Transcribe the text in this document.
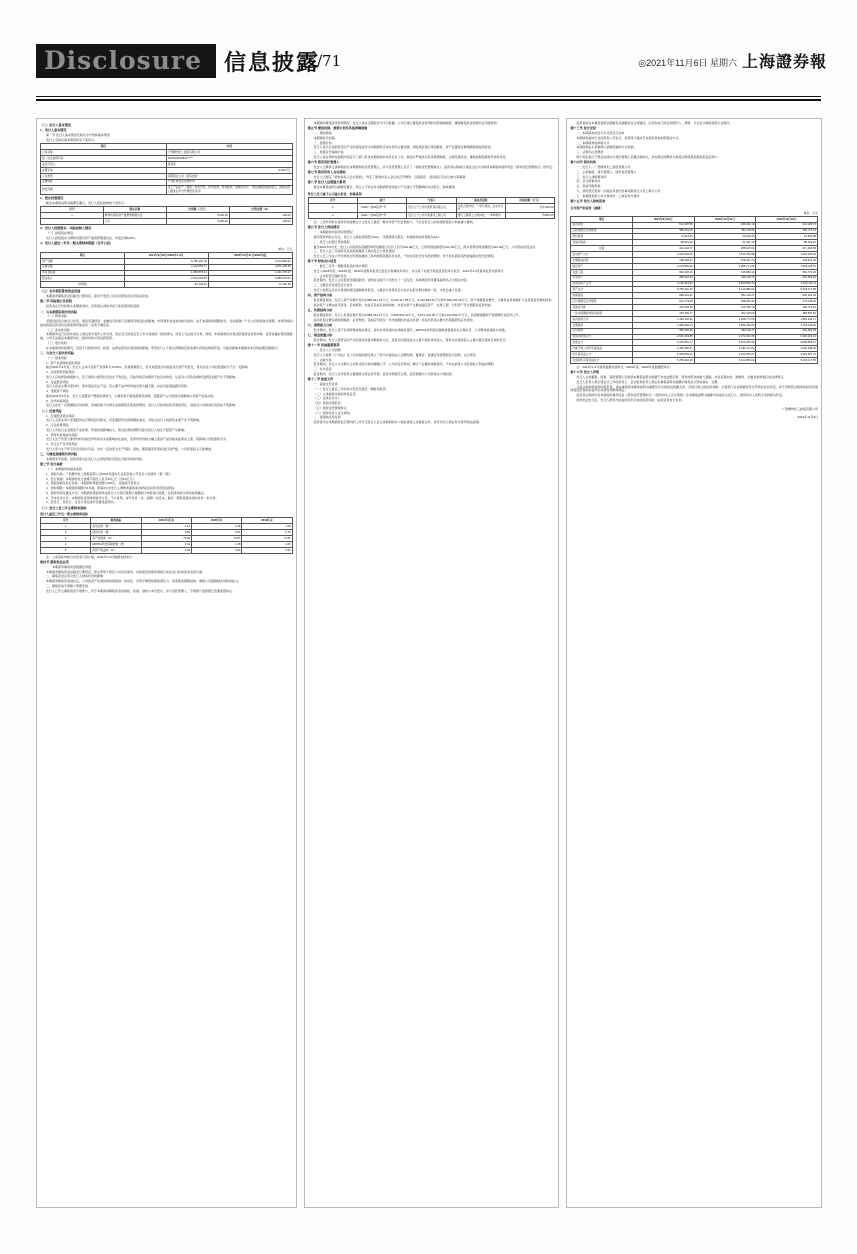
Disclosure 信息披露
/71	◎2021年11月6日 星期六 上海證券報
（二）发行人基本情况
1、发行人基本情况
第一节 发行人基本情况及相关中介机构基本情况
发行人名称及基本情况详见下表所示：
项目	内容
公司名称	广西柳州化工控股有限公司
统一社会信用代码	91450200198477****
法定代表人	张某某
注册资本	5,000万元
公司类型	有限责任公司（国有独资）
注册地址	广西壮族自治区柳州市
经营范围	化工产品生产、销售；技术开发、技术咨询、技术服务；货物进出口；（依法须经批准的项目，经相关部门批准后方可开展经营活动）
2、股东持股情况
截至本募集说明书摘要签署日，发行人股权结构如下表所示：
序号	股东名称	出资额（万元）	出资比例（%）
1	柳州市国有资产监督管理委员会	5,000.00	100.00
	合计	5,000.00	100.00
3、发行人控股股东、实际控制人情况
（一）控股股东情况
发行人控股股东为柳州市国有资产监督管理委员会，持股比例100%。
4、发行人最近一年及一期主要财务数据（合并口径）
单位：万元
项目	2021年9月30日/2021年1-9月	2020年12月31日/2020年度
资产总额	5,786,432.18	5,312,884.62
负债总额	4,102,553.77	3,871,206.35
所有者权益	1,683,878.41	1,441,678.27
营业收入	2,014,332.66	2,286,510.03
净利润	62,148.92	71,206.48
（三）本次债券募集资金用途
本期债券募集资金扣除发行费用后，拟用于偿还公司有息债务及补充流动资金。
第二节 风险提示及说明
投资者在评价和购买本期债券时，应特别认真地考虑下述各项风险因素：
一、与本期债券相关的风险
（一）利率风险
受国民经济总体运行状况、国家宏观经济、金融货币政策以及国际环境变化的影响，市场利率存在波动的可能性。由于本期债券期限较长，可能跨越一个以上的利率波动周期，市场利率的波动将使投资者持有的债券价值具有一定的不确定性。
（二）流动性风险
本期债券发行后将申请在上海证券交易所上市交易，但在发行结束后至上市交易前的一段时间内，持有人无法进行交易；同时，本期债券的交易活跃程度受市场环境、投资者偏好等因素影响，公司无法保证本期债券在二级市场的交易活跃程度。
（三）偿付风险
在本期债券存续期内，若因不可控的市场、政策、法律法规变化等因素的影响，使得发行人不能从预期的还款来源中获得足够的资金，可能会影响本期债券本息的按期足额偿付。
二、与发行人相关的风险
（一）财务风险
1、资产负债率较高的风险
截至2021年9月末，发行人合并口径资产负债率为70.90%，负债规模较大，若未来经营活动现金流出现不利变化，将可能对公司的偿债能力产生一定影响。
2、应收账款回收风险
发行人应收账款规模较大，若下游客户经营状况发生不利变化，可能导致应收账款不能及时收回，从而对公司资金周转及经营业绩产生不利影响。
3、存货跌价风险
发行人存货主要为原材料、库存商品及在产品，若主要产品市场价格出现大幅下跌，存货可能面临跌价风险。
4、受限资产风险
截至2021年9月末，发行人受限资产账面价值较大，主要系用于借款抵押及质押，受限资产占比较高可能影响公司资产的流动性。
5、对外担保风险
发行人存在一定规模的对外担保，若被担保方出现无法按期偿还债务的情况，发行人可能承担连带清偿责任，进而对公司财务状况造成不利影响。
（二）经营风险
1、宏观经济波动风险
发行人主营业务与宏观经济运行情况密切相关，若宏观经济出现周期性波动，可能对发行人的经营业绩产生不利影响。
2、行业政策风险
发行人所处行业受国家产业政策、环保政策影响较大，相关政策的调整可能对发行人的生产经营产生影响。
3、原材料价格波动风险
发行人生产所需主要原材料价格受市场供求关系影响存在波动，若原材料价格大幅上涨而产品价格未能同步上涨，将影响公司的盈利水平。
4、安全生产及环保风险
发行人部分生产环节涉及危险化学品，存在一定的安全生产风险；同时，随着国家环保标准日趋严格，公司环保投入可能增加。
三、与增信措施相关的风险
本期债券无担保，投资者需关注发行人自身信用状况变化可能带来的风险。
第三节 发行条款
（一）本期债券的基本条款
1、债券名称：广西柳州化工控股有限公司2021年面向专业投资者公开发行公司债券（第一期）。
2、发行规模：本期债券发行规模不超过人民币10亿元（含10亿元）。
3、票面金额及发行价格：本期债券票面金额为100元，按面值平价发行。
4、债券期限：本期债券期限为3年期，附第2年末发行人调整票面利率选择权及投资者回售选择权。
5、债券利率及确定方式：本期债券票面利率由发行人与簿记管理人根据网下询价簿记结果，在利率询价区间内协商确定。
6、还本付息方式：本期债券采用单利按年计息，不计复利，每年付息一次，到期一次还本，最后一期利息随本金的兑付一起支付。
7、起息日、付息日、兑付日等安排详见募集说明书。
（二）发行人近三年主要财务指标
发行人最近三年及一期主要财务指标
序号	财务指标	2021年9月末	2020年末	2019年末
1	流动比率（倍）	1.12	1.08	1.05
2	速动比率（倍）	0.86	0.81	0.79
3	资产负债率（%）	70.90	72.87	73.51
4	EBITDA利息保障倍数（倍）	2.31	2.18	2.05
5	净资产收益率（%）	3.69	4.94	4.52
注：上述指标均按合并报表口径计算，2021年1-9月数据未经审计。
第四节 募集资金运用
一、本期债券募集资金规模及用途
本期债券募集资金扣除发行费用后，拟全部用于偿还公司有息债务，具体偿还的债务明细以实际发行时的资金安排为准。
二、募集资金运用对发行人财务状况的影响
本期债券募集资金到位后，公司的资产负债结构将得到进一步优化，有利于降低短期偿债压力，改善债务期限结构，增强公司抵御财务风险的能力。
三、募集资金专项账户管理安排
发行人已开立募集资金专项账户，用于本期债券募集资金的接收、存储、划转与本息偿付，并与受托管理人、专项账户监管银行签署监管协议。
本期债券募集资金使用情况，发行人将在定期报告中予以披露。公司已建立募集资金使用的内部控制制度，确保募集资金按照约定用途使用。
第五节 增信机制、偿债计划及其他保障措施
一、增信机制
本期债券无担保。
二、偿债计划
发行人将以日常经营活动产生的现金流作为本期债券还本付息的主要来源，同时通过银行授信额度、资产处置等多种渠道筹措偿债资金。
三、偿债应急保障方案
发行人将在债券存续期内指定专门部门负责本期债券的本息兑付工作，制定并严格执行资金管理制度，合理安排资金，确保按期足额偿付债券本息。
第六节 债券受托管理人
发行人已聘请主承销商担任本期债券的受托管理人，并与受托管理人签订了《债券受托管理协议》。投资者认购或以其他合法方式取得本期债券视作同意《债券受托管理协议》的约定。
第七节 债券持有人会议规则
发行人已制定《债券持有人会议规则》，约定了债券持有人会议的召开情形、召集程序、表决程序及决议效力等事项。
第八节 发行人近期重大事项
截至本募集说明书摘要签署日，发行人不存在对本期债券偿付能力产生重大不利影响的未决诉讼、仲裁事项。
发行人及下属子公司重大诉讼、仲裁事项
序号	案号	当事人	案由及进展	涉案金额（万元）
1	（2020）桂02民初**号	发行人子公司与某贸易有限公司	买卖合同纠纷，一审已判决，正在执行中	约1,250.00
2	（2021）桂02民初**号	发行人子公司与某建设工程公司	建设工程施工合同纠纷，一审审理中	约860.00
注：上表所列诉讼案件涉案金额合计占发行人最近一期末净资产的比例较小，不会对发行人的持续经营能力构成重大影响。
第九节 发行人资信情况
一、本期债券的信用评级情况
经评级机构综合评定，发行人主体信用等级为AA+，评级展望为稳定；本期债券信用等级为AA+。
二、发行人的银行授信情况
截至2021年9月末，发行人共获得各金融机构授信额度合计约人民币320.00亿元，已使用授信额度约210.00亿元，尚未使用的授信额度约110.00亿元，公司资信状况良好。
三、发行人近三年债券及其他债务融资工具的发行与偿付情况
发行人近三年在公开市场发行的债务融资工具均按期足额兑付本息，不存在延迟支付本息的情形，亦不存在债务违约或逾期未偿还的情况。
第十节 财务会计信息
一、最近三年及一期财务报表的审计情况
发行人2018年度、2019年度、2020年度财务报表已经会计师事务所审计，并出具了标准无保留意见的审计报告；2021年1-9月财务报表未经审计。
二、合并报表范围的变化
报告期内，发行人合并报表范围因新设、收购及注销子公司发生了一定变化，具体情况详见募集说明书正文相关内容。
三、主要会计政策及会计估计
发行人按照企业会计准则的规定编制财务报表，主要会计政策及会计估计在报告期内保持一致，未发生重大变更。
四、资产结构分析
报告期各期末，发行人资产总额分别为4,885,621.33万元、5,032,117.85万元、5,312,884.62万元和5,786,432.18万元，资产规模稳步增长，主要系业务规模扩大及项目投资增加所致。
流动资产主要由货币资金、应收账款、存货及其他应收款构成；非流动资产主要由固定资产、在建工程、无形资产及长期股权投资构成。
五、负债结构分析
报告期各期末，发行人负债总额分别为3,589,441.27万元、3,698,550.12万元、3,871,206.35万元和4,102,553.77万元，负债规模随资产规模增长而有所上升。
流动负债主要包括短期借款、应付账款、其他应付款及一年内到期的非流动负债；非流动负债主要为长期借款和应付债券。
六、偿债能力分析
报告期内，发行人资产负债率整体保持稳定，流动比率和速动比率略有提升，EBITDA对利息的保障倍数保持在合理水平，公司整体偿债能力较强。
七、现金流量分析
报告期内，发行人经营活动产生的现金流量净额保持为正，投资活动现金流出主要为项目建设投入，筹资活动现金流入主要为银行借款及债券发行。
第十一节 其他重要事项
一、发行人公司治理
发行人已按照《公司法》及公司章程的规定建立了较为完善的法人治理结构，董事会、监事会及经理层各司其职，运行规范。
二、关联交易
报告期内，发行人与关联方之间发生的交易均遵循公平、公允的定价原则，履行了必要的审批程序，不存在损害公司及债权人利益的情形。
三、对外投资
报告期内，发行人对外投资主要围绕主营业务开展，投资决策程序合规，投资规模与公司资金实力相匹配。
第十二节 备查文件
一、备查文件目录
（一）发行人最近三年的审计报告及最近一期财务报表；
（二）主承销商出具的核查意见；
（三）法律意见书；
（四）资信评级报告；
（五）债券受托管理协议；
（六）债券持有人会议规则。
二、查阅地点及时间
投资者可在本期债券发行期内的工作日至发行人及主承销商的办公地址查阅上述备查文件，亦可访问上海证券交易所网站查阅。
投资者如对本募集说明书摘要及其摘要存在任何疑问，应咨询自己的证券经纪人、律师、专业会计师或其他专业顾问。
第十三节 发行安排
一、本期债券的发行方式及发行对象
本期债券面向专业投资者公开发行，采用网下面向专业投资者询价配售的方式。
二、本期债券的承销方式
本期债券由主承销商以余额包销的方式承销。
三、认购办法及缴款
网下投资者应于规定时间内与簿记管理人签署认购协议，并在规定的缴款日前将认购款项足额划至指定账户。
第十四节 相关机构
一、发行人：广西柳州化工控股有限公司
二、主承销商、簿记管理人、债券受托管理人
三、发行人律师事务所
四、会计师事务所
五、资信评级机构
六、债券登记机构：中国证券登记结算有限责任公司上海分公司
七、本期债券拟上市交易场所：上海证券交易所
第十五节 发行人财务报表
合并资产负债表（摘要）
单位：万元
项目	2021年9月30日	2020年12月31日	2019年12月31日
货币资金	512,087.55	486,332.19	441,028.73
应收票据及应收账款	386,215.40	352,118.66	330,774.12
预付款项	72,914.66	66,208.35	61,553.08
其他应收款	98,551.20	91,337.42	88,206.91
存货	310,442.77	288,615.04	271,330.58
流动资产合计	1,640,118.25	1,512,330.88	1,422,006.44
长期股权投资	168,330.12	155,204.73	148,661.20
固定资产	2,210,556.80	2,088,774.35	1,996,118.57
在建工程	682,445.19	615,882.40	560,774.26
无形资产	455,210.33	436,118.72	420,550.18
非流动资产合计	4,146,313.93	3,800,553.74	3,610,111.41
资产总计	5,786,432.18	5,312,884.62	5,032,117.85
短期借款	688,204.31	652,118.47	640,332.06
应付票据及应付账款	512,774.08	488,206.33	470,118.25
其他应付款	330,118.56	312,445.70	305,774.19
一年内到期的非流动负债	425,330.77	402,118.09	388,550.62
流动负债合计	1,462,118.92	1,398,774.55	1,352,330.71
长期借款	1,986,220.14	1,852,330.66	1,760,118.40
应付债券	486,330.25	460,118.77	440,552.33
非流动负债合计	2,640,434.85	2,472,431.80	2,346,219.41
负债合计	4,102,553.77	3,871,206.35	3,698,550.12
归属于母公司所有者权益	1,386,550.21	1,180,114.62	1,092,338.40
所有者权益合计	1,683,878.41	1,441,678.27	1,333,567.73
负债和所有者权益总计	5,786,432.18	5,312,884.62	5,032,117.85
注：2021年1-9月财务数据未经审计，2019年度、2020年度数据经审计。
第十六节 发行人声明
发行人全体董事、监事、高级管理人员承诺本募集说明书摘要不存在虚假记载、误导性陈述或重大遗漏，并对其真实性、准确性、完整性承担相应的法律责任。
发行人负责人和主管会计工作的负责人、会计机构负责人保证本募集说明书摘要中财务会计资料真实、完整。
凡欲认购本期债券的投资者，请认真阅读本募集说明书摘要及有关的信息披露文件，并进行独立的投资判断。主管部门对本期债券发行所作的任何决定，均不表明其对债券的投资价值或者投资者的收益作出实质性判断或保证。
投资者认购或持有本期债券视作同意《债券受托管理协议》《债券持有人会议规则》及本募集说明书摘要中其他有关发行人、债券持有人权利义务的相关约定。
债券依法发行后，发行人经营与收益的变化引致的投资风险，由投资者自行负责。
广西柳州化工控股有限公司
2021年11月5日
